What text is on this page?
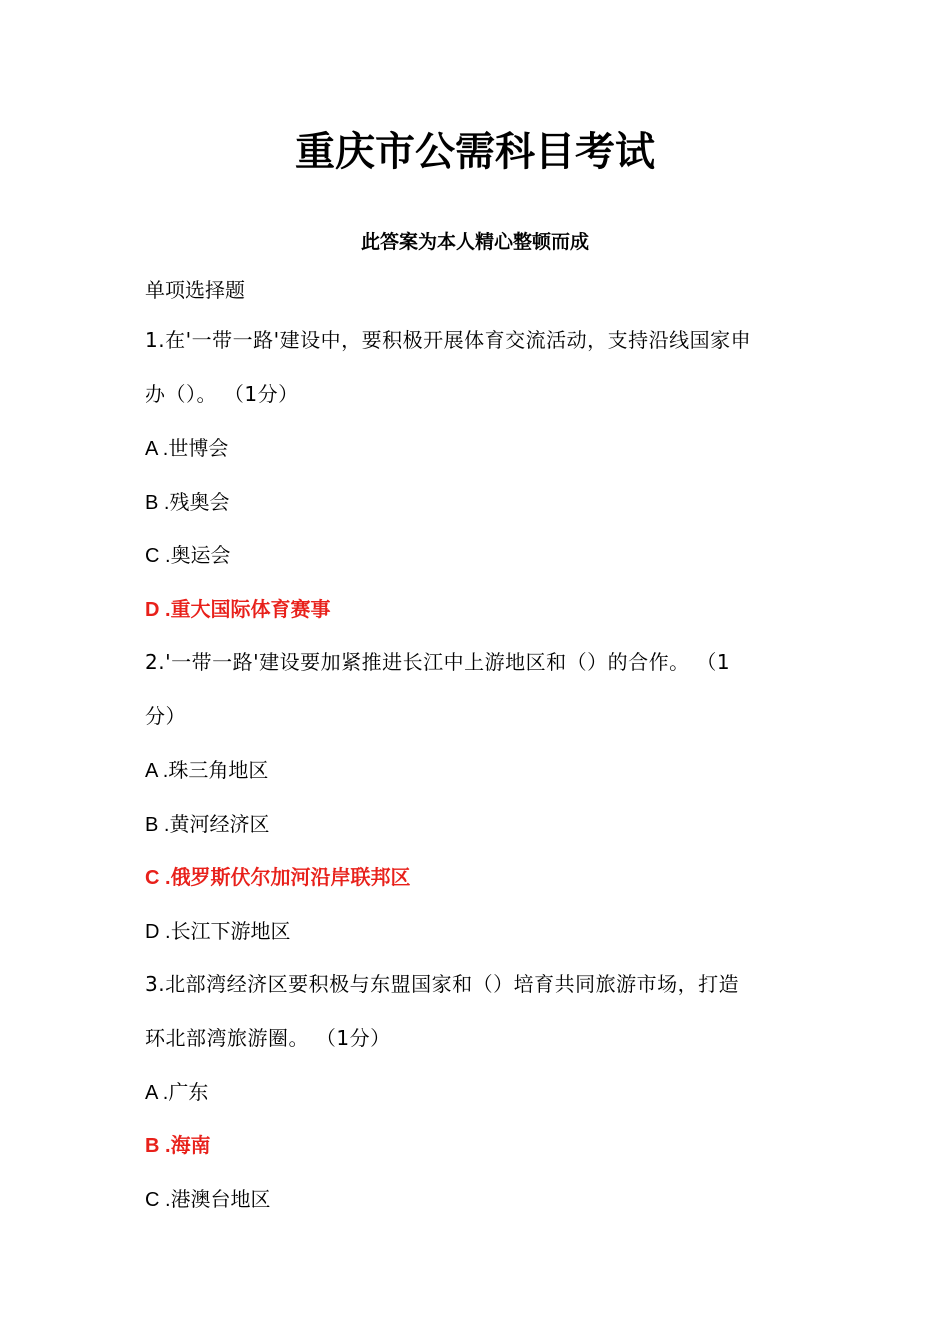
重庆市公需科目考试
此答案为本人精心整顿而成
单项选择题

1.在'一带一路'建设中，要积极开展体育交流活动，支持沿线国家申

办（）。 （1分）

A .世博会

B .残奥会

C .奥运会

D .重大国际体育赛事

2.'一带一路'建设要加紧推进长江中上游地区和（）的合作。 （1

分）

A .珠三角地区

B .黄河经济区

C .俄罗斯伏尔加河沿岸联邦区

D .长江下游地区

3.北部湾经济区要积极与东盟国家和（）培育共同旅游市场，打造

环北部湾旅游圈。 （1分）

A .广东

B .海南

C .港澳台地区
